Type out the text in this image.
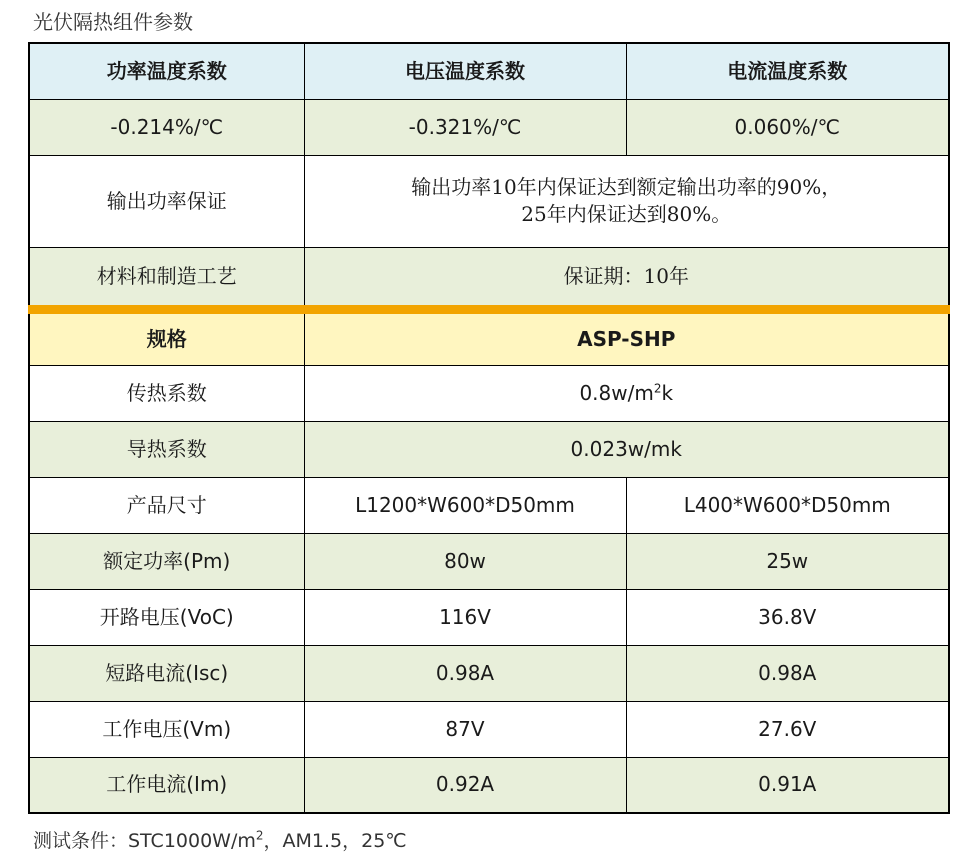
光伏隔热组件参数
功率温度系数	电压温度系数	电流温度系数
-0.214%/℃	-0.321%/℃	0.060%/℃
输出功率保证	输出功率10年内保证达到额定输出功率的90%，
25年内保证达到80%。	

材料和制造工艺	保证期：10年	
规格	ASP-SHP	
传热系数	$0.8w/m^2k$	
导热系数	0.023w/mk	
产品尺寸	L1200*W600*D50mm	L400*W600*D50mm
额定功率(Pm)	80w	25w
开路电压(VoC)	116V	36.8V
短路电流(Isc)	0.98A	0.98A
工作电压(Vm)	87V	27.6V
工作电流(Im)	0.92A	0.91A
测试条件：$STC1000W/m^2$，AM1.5，25℃
